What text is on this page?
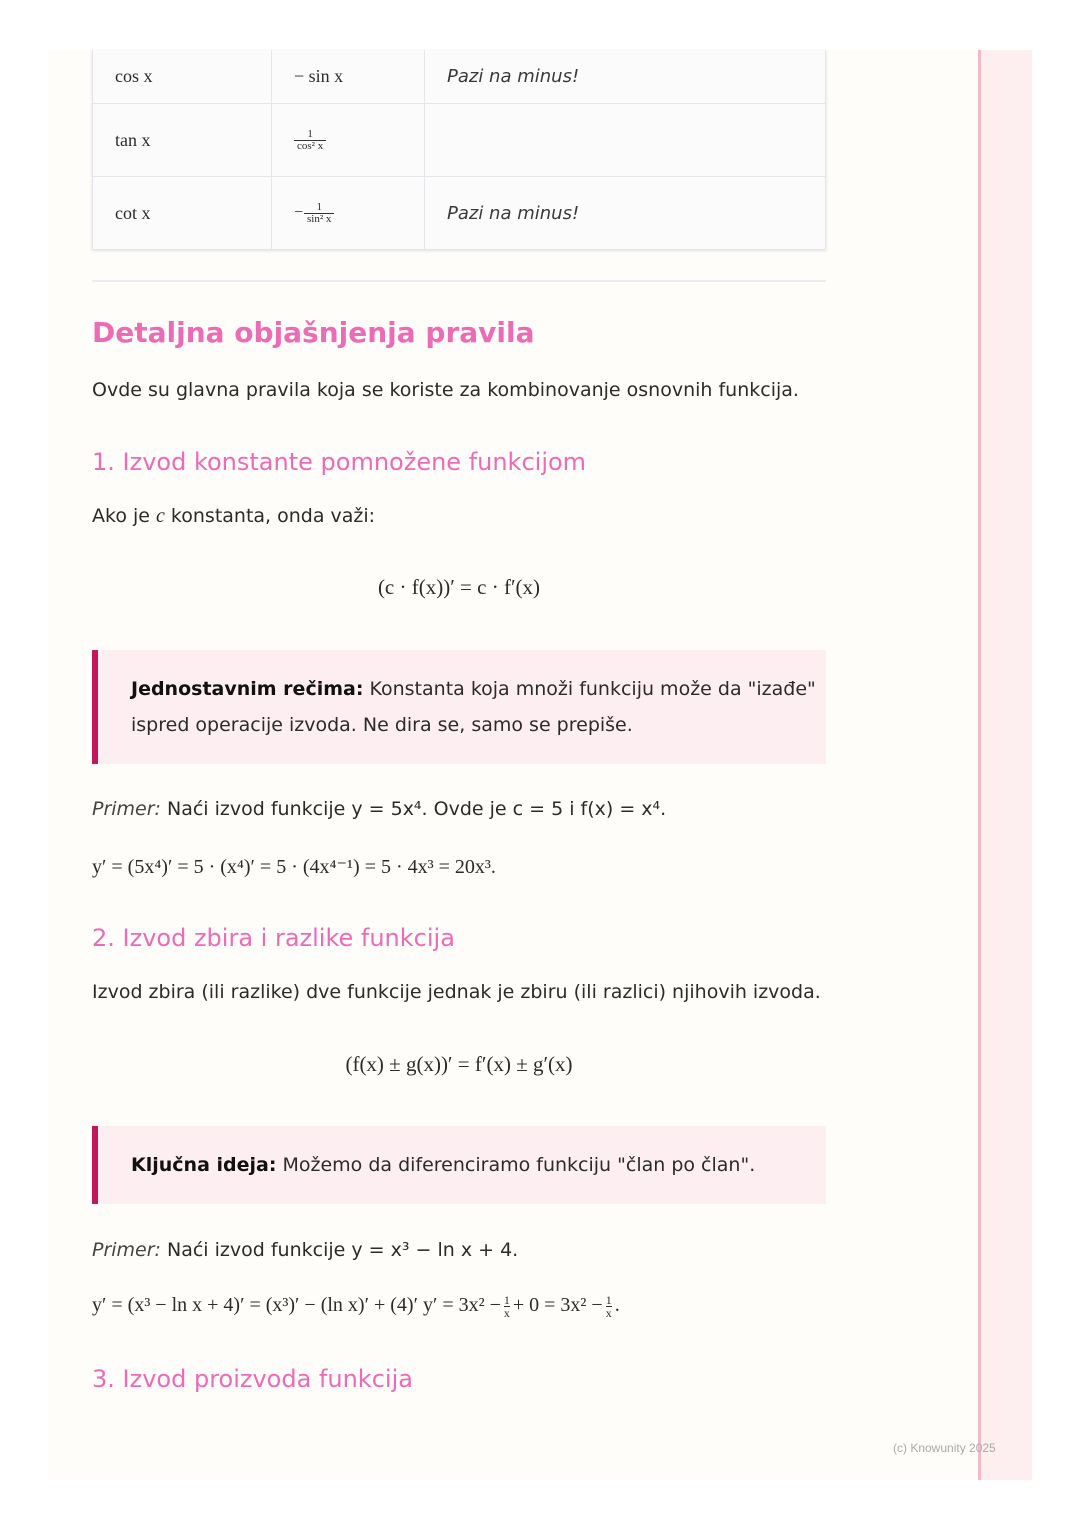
cos x	− sin x	Pazi na minus!
tan x	$\frac{1}{\text{cos² x}}$

cot x	− $\frac{1}{\text{sin² x}}$	Pazi na minus!
Detaljna objašnjenja pravila
Ovde su glavna pravila koja se koriste za kombinovanje osnovnih funkcija.
1. Izvod konstante pomnožene funkcijom
Ako je c konstanta, onda važi:
(c · f(x))′ = c · f′(x)
Jednostavnim rečima: Konstanta koja množi funkciju može da "izađe"
ispred operacije izvoda. Ne dira se, samo se prepiše.
Primer: Naći izvod funkcije y = 5x⁴. Ovde je c = 5 i f(x) = x⁴.
y′ = (5x⁴)′ = 5 · (x⁴)′ = 5 · (4x⁴⁻¹) = 5 · 4x³ = 20x³.
2. Izvod zbira i razlike funkcija
Izvod zbira (ili razlike) dve funkcije jednak je zbiru (ili razlici) njihovih izvoda.
(f(x) ± g(x))′ = f′(x) ± g′(x)
Ključna ideja: Možemo da diferenciramo funkciju "član po član".
Primer: Naći izvod funkcije y = x³ − ln x + 4.
y′ = (x³ − ln x + 4)′ = (x³)′ − (ln x)′ + (4)′ $y' = 3x^2 - \frac{1}{x} + 0 = 3x^2 - \frac{1}{x}$ .
3. Izvod proizvoda funkcija
(c) Knowunity 2025
